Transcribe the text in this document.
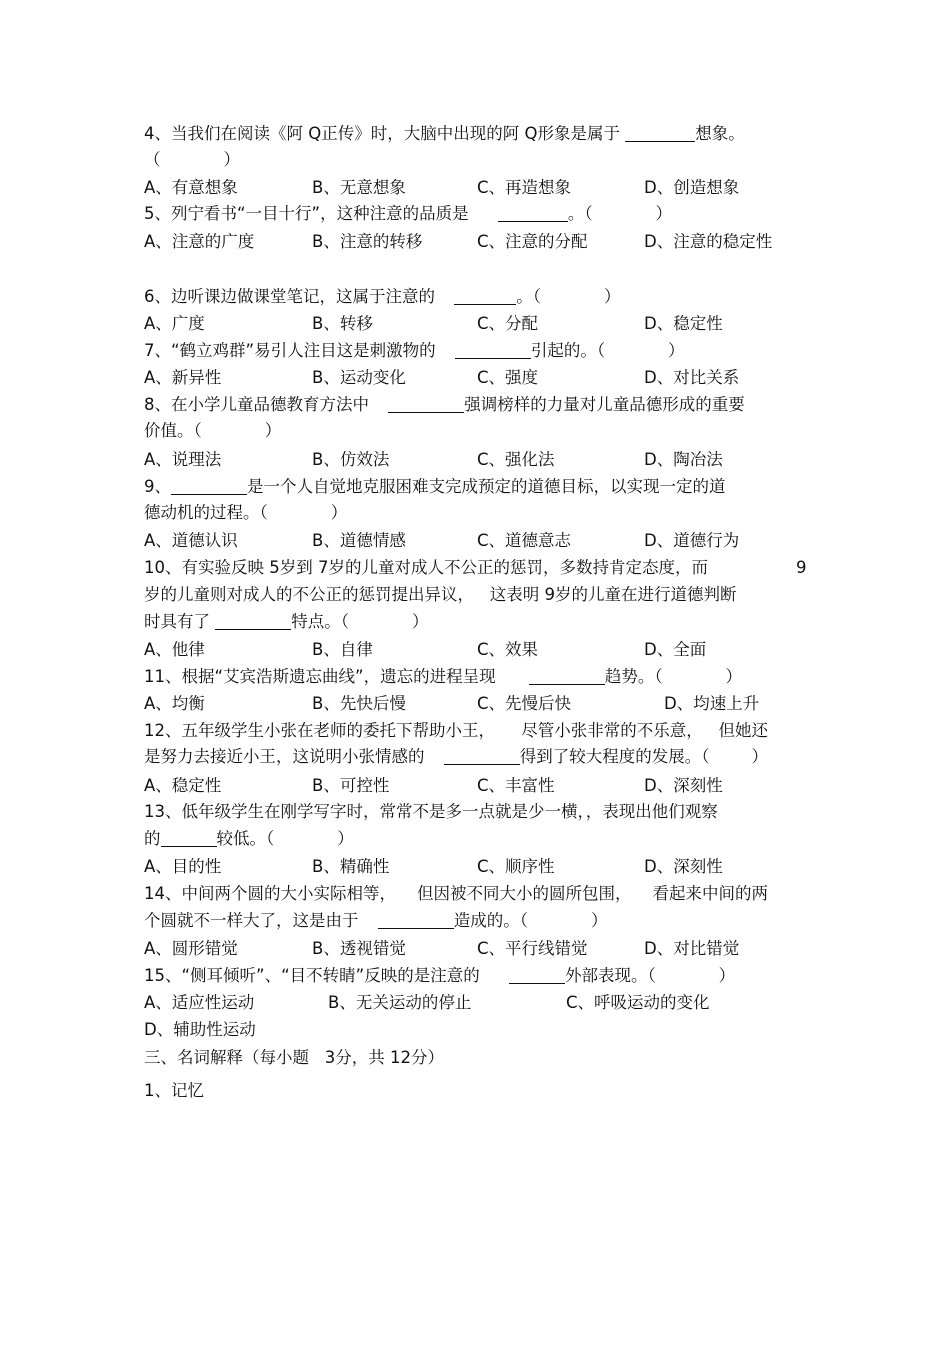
4、当我们在阅读《阿 Q正传》时，大脑中出现的阿 Q形象是属于	想象。
（            ）
A、有意想象	B、无意想象	C、再造想象	D、创造想象
5、列宁看书“一目十行”，这种注意的品质是	。（            ）
A、注意的广度	B、注意的转移	C、注意的分配	D、注意的稳定性
6、边听课边做课堂笔记，这属于注意的	。（            ）
A、广度	B、转移	C、分配	D、稳定性
7、“鹤立鸡群”易引人注目这是刺激物的	引起的。（            ）
A、新异性	B、运动变化	C、强度	D、对比关系
8、在小学儿童品德教育方法中	强调榜样的力量对儿童品德形成的重要
价值。（            ）
A、说理法	B、仿效法	C、强化法	D、陶冶法
9、	是一个人自觉地克服困难支完成预定的道德目标，以实现一定的道
德动机的过程。（            ）
A、道德认识	B、道德情感	C、道德意志	D、道德行为
10、有实验反映 5岁到 7岁的儿童对成人不公正的惩罚，多数持肯定态度，而	9
岁的儿童则对成人的不公正的惩罚提出异议，   这表明 9岁的儿童在进行道德判断
时具有了	特点。（            ）
A、他律	B、自律	C、效果	D、全面
11、根据“艾宾浩斯遗忘曲线”，遗忘的进程呈现	趋势。（            ）
A、均衡	B、先快后慢	C、先慢后快	D、均速上升
12、五年级学生小张在老师的委托下帮助小王，     尽管小张非常的不乐意，   但她还
是努力去接近小王，这说明小张情感的	得到了较大程度的发展。（        ）
A、稳定性	B、可控性	C、丰富性	D、深刻性
13、低年级学生在刚学写字时，常常不是多一点就是少一横，，表现出他们观察
的	较低。（            ）
A、目的性	B、精确性	C、顺序性	D、深刻性
14、中间两个圆的大小实际相等，    但因被不同大小的圆所包围，    看起来中间的两
个圆就不一样大了，这是由于	造成的。（            ）
A、圆形错觉	B、透视错觉	C、平行线错觉	D、对比错觉
15、“侧耳倾听”、“目不转睛”反映的是注意的	外部表现。（            ）
A、适应性运动	B、无关运动的停止	C、呼吸运动的变化
D、辅助性运动
三、名词解释（每小题   3分，共 12分）
1、记忆
